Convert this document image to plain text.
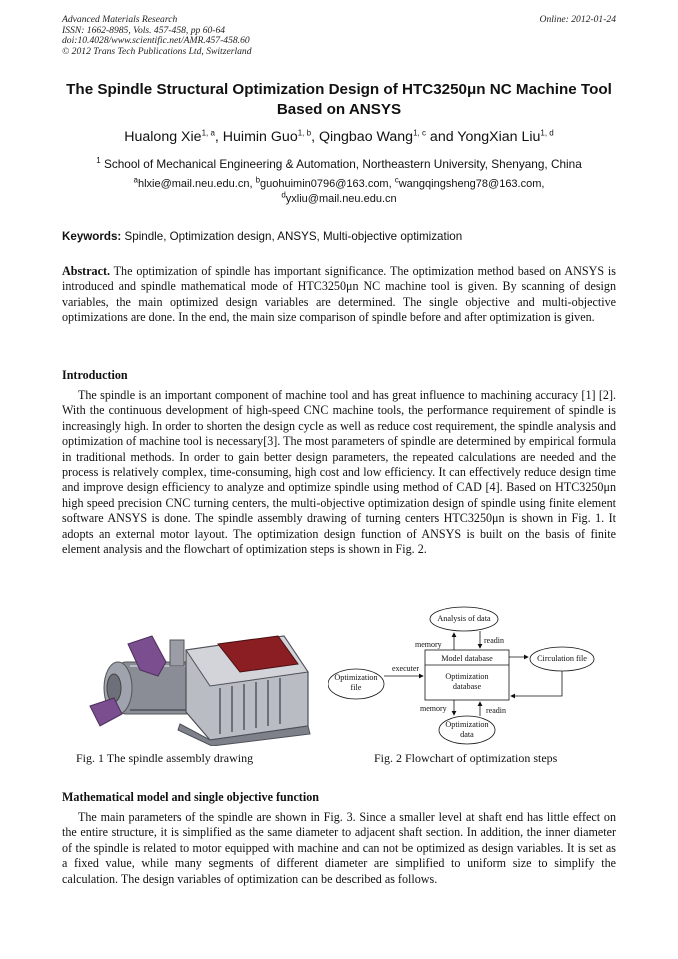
Advanced Materials Research
ISSN: 1662-8985, Vols. 457-458, pp 60-64
doi:10.4028/www.scientific.net/AMR.457-458.60
© 2012 Trans Tech Publications Ltd, Switzerland
Online: 2012-01-24
The Spindle Structural Optimization Design of HTC3250μn NC Machine Tool Based on ANSYS
Hualong Xie$^{1, a}$, Huimin Guo$^{1, b}$, Qingbao Wang$^{1, c}$ and YongXian Liu$^{1, d}$
$^1$ School of Mechanical Engineering & Automation, Northeastern University, Shenyang, China
$^a$hlxie@mail.neu.edu.cn, $^b$guohuimin0796@163.com, $^c$wangqingsheng78@163.com,
$^d$yxliu@mail.neu.edu.cn
Keywords: Spindle, Optimization design, ANSYS, Multi-objective optimization
Abstract. The optimization of spindle has important significance. The optimization method based on ANSYS is introduced and spindle mathematical mode of HTC3250μn NC machine tool is given. By scanning of design variables, the main optimized design variables are determined. The single objective and multi-objective optimizations are done. In the end, the main size comparison of spindle before and after optimization is given.
Introduction
The spindle is an important component of machine tool and has great influence to machining accuracy [1] [2]. With the continuous development of high-speed CNC machine tools, the performance requirement of spindle is increasingly high. In order to shorten the design cycle as well as reduce cost requirement, the spindle analysis and optimization of machine tool is necessary[3]. The most parameters of spindle are determined by empirical formula in traditional methods. In order to gain better design parameters, the repeated calculations are needed and the process is relatively complex, time-consuming, high cost and low efficiency. It can effectively reduce design time and improve design efficiency to analyze and optimize spindle using method of CAD [4]. Based on HTC3250μn high speed precision CNC turning centers, the multi-objective optimization design of spindle using finite element software ANSYS is done. The spindle assembly drawing of turning centers HTC3250μn is shown in Fig. 1. It adopts an external motor layout. The optimization design function of ANSYS is built on the basis of finite element analysis and the flowchart of optimization steps is shown in Fig. 2.
Analysis of data
memory	readin
Model database
Optimization database
Circulation file
executer
Optimization file
memory	readin
Optimization data
Fig. 1 The spindle assembly drawing	Fig. 2 Flowchart of optimization steps
Mathematical model and single objective function
The main parameters of the spindle are shown in Fig. 3. Since a smaller level at shaft end has little effect on the entire structure, it is simplified as the same diameter to adjacent shaft section. In addition, the inner diameter of the spindle is related to motor equipped with machine and can not be optimized as design variables. It is set as a fixed value, while many segments of different diameter are simplified to uniform size to simplify the calculation. The design variables of optimization can be described as follows.
